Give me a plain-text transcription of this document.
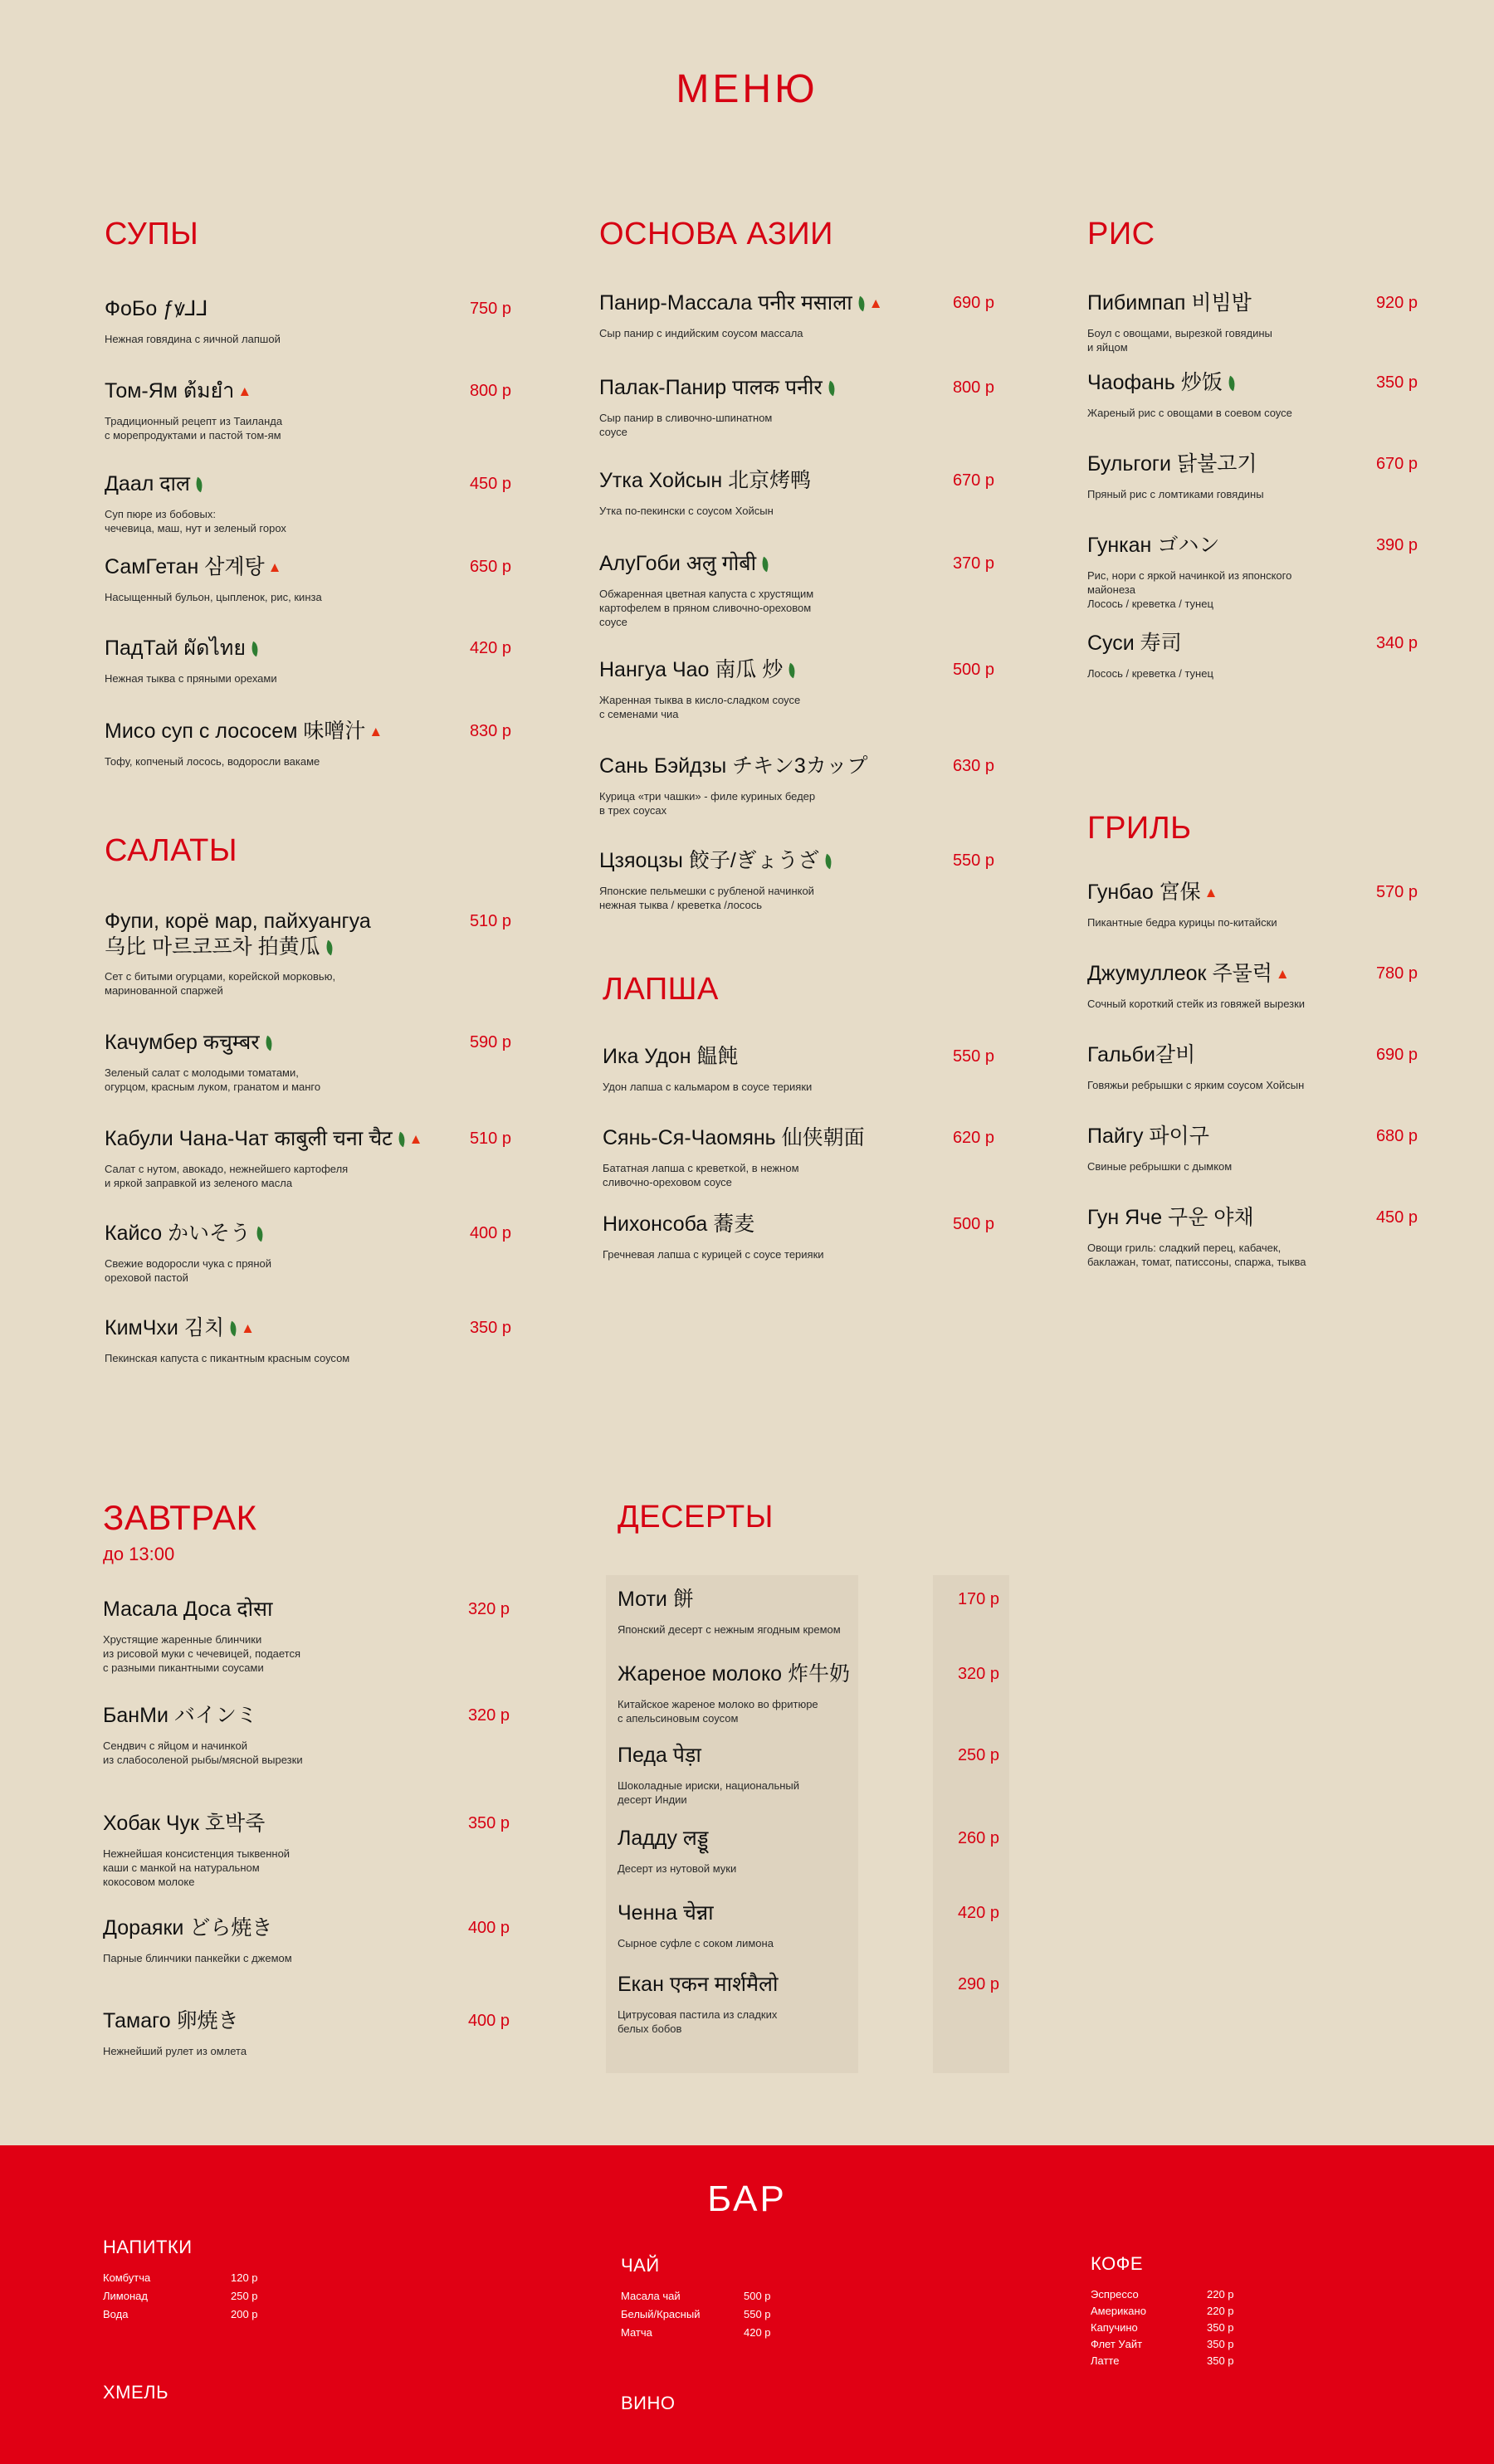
МЕНЮ
СУПЫ
ФоБо ƒꝟ⅃⅃
Нежная говядина с яичной лапшой
750 р
Том-Ям ต้มยำ ▲
Традиционный рецепт из Таиланда
с морепродуктами и пастой том-ям
800 р
Даал दाल
Суп пюре из бобовых:
чечевица, маш, нут и зеленый горох
450 р
СамГетан 삼계탕 ▲
Насыщенный бульон, цыпленок, рис, кинза
650 р
ПадТай ผัดไทย
Нежная тыква с пряными орехами
420 р
Мисо суп с лососем 味噌汁 ▲
Тофу, копченый лосось, водоросли вакаме
830 р
САЛАТЫ
Фупи, корё мар, пайхуангуа
乌比 마르코프차 拍黄瓜
Сет с битыми огурцами, корейской морковью,
маринованной спаржей
510 р
Качумбер कचुम्बर
Зеленый салат с молодыми томатами,
огурцом, красным луком, гранатом и манго
590 р
Кабули Чана-Чат काबुली चना चैट ▲
Салат с нутом, авокадо, нежнейшего картофеля
и яркой заправкой из зеленого масла
510 р
Кайсо かいそう
Свежие водоросли чука с пряной
ореховой пастой
400 р
КимЧхи 김치 ▲
Пекинская капуста с пикантным красным соусом
350 р
ОСНОВА АЗИИ
Панир-Массала पनीर मसाला ▲
Сыр панир с индийским соусом массала
690 р
Палак-Панир पालक पनीर
Сыр панир в сливочно-шпинатном
соусе
800 р
Утка Хойсын 北京烤鸭
Утка по-пекински с соусом Хойсын
670 р
АлуГоби अलु गोबी
Обжаренная цветная капуста с хрустящим
картофелем в пряном сливочно-ореховом
соусе
370 р
Нангуа Чао 南瓜 炒
Жаренная тыква в кисло-сладком соусе
с семенами чиа
500 р
Сань Бэйдзы チキン3カップ
Курица «три чашки» - филе куриных бедер
в трех соусах
630 р
Цзяоцзы 餃子/ぎょうざ
Японские пельмешки с рубленой начинкой
нежная тыква / креветка /лосось
550 р
ЛАПША
Ика Удон 饂飩
Удон лапша с кальмаром в соусе терияки
550 р
Сянь-Ся-Чаомянь 仙侠朝面
Бататная лапша с креветкой, в нежном
сливочно-ореховом соусе
620 р
Нихонсоба 蕎麦
Гречневая лапша с курицей с соусе терияки
500 р
РИС
Пибимпап 비빔밥
Боул с овощами, вырезкой говядины
и яйцом
920 р
Чаофань 炒饭
Жареный рис с овощами в соевом соусе
350 р
Бульгоги 닭불고기
Пряный рис с ломтиками говядины
670 р
Гункан ゴハン
Рис, нори с яркой начинкой из японского
майонеза
Лосось / креветка / тунец
390 р
Суси 寿司
Лосось / креветка / тунец
340 р
ГРИЛЬ
Гунбао 宮保 ▲
Пикантные бедра курицы по-китайски
570 р
Джумуллеок 주물럭 ▲
Сочный короткий стейк из говяжей вырезки
780 р
Гальби갈비
Говяжьи ребрышки с ярким соусом Хойсын
690 р
Пайгу 파이구
Свиные ребрышки с дымком
680 р
Гун Яче 구운 야채
Овощи гриль: сладкий перец, кабачек,
баклажан, томат, патиссоны, спаржа, тыква
450 р
ЗАВТРАК
до 13:00
Масала Доса दोसा
Хрустящие жаренные блинчики
из рисовой муки с чечевицей, подается
с разными пикантными соусами
320 р
БанМи バインミ
Сендвич с яйцом и начинкой
из слабосоленой рыбы/мясной вырезки
320 р
Хобак Чук 호박죽
Нежнейшая консистенция тыквенной
каши с манкой на натуральном
кокосовом молоке
350 р
Дораяки どら焼き
Парные блинчики панкейки с джемом
400 р
Тамаго 卵焼き
Нежнейший рулет из омлета
400 р
ДЕСЕРТЫ
Моти 餅
Японский десерт с нежным ягодным кремом
170 р
Жареное молоко 炸牛奶
Китайское жареное молоко во фритюре
с апельсиновым соусом
320 р
Педа पेड़ा
Шоколадные ириски, национальный
десерт Индии
250 р
Ладду लड्डू
Десерт из нутовой муки
260 р
Ченна चेन्ना
Сырное суфле с соком лимона
420 р
Екан एकन मार्शमैलो
Цитрусовая пастила из сладких
белых бобов
290 р
БАР
НАПИТКИ
Комбутча	120 р
Лимонад	250 р
Вода	200 р
ХМЕЛЬ
ЧАЙ
Масала чай	500 р
Белый/Красный	550 р
Матча	420 р
ВИНО
КОФЕ
Эспрессо	220 р
Американо	220 р
Капучино	350 р
Флет Уайт	350 р
Латте	350 р
